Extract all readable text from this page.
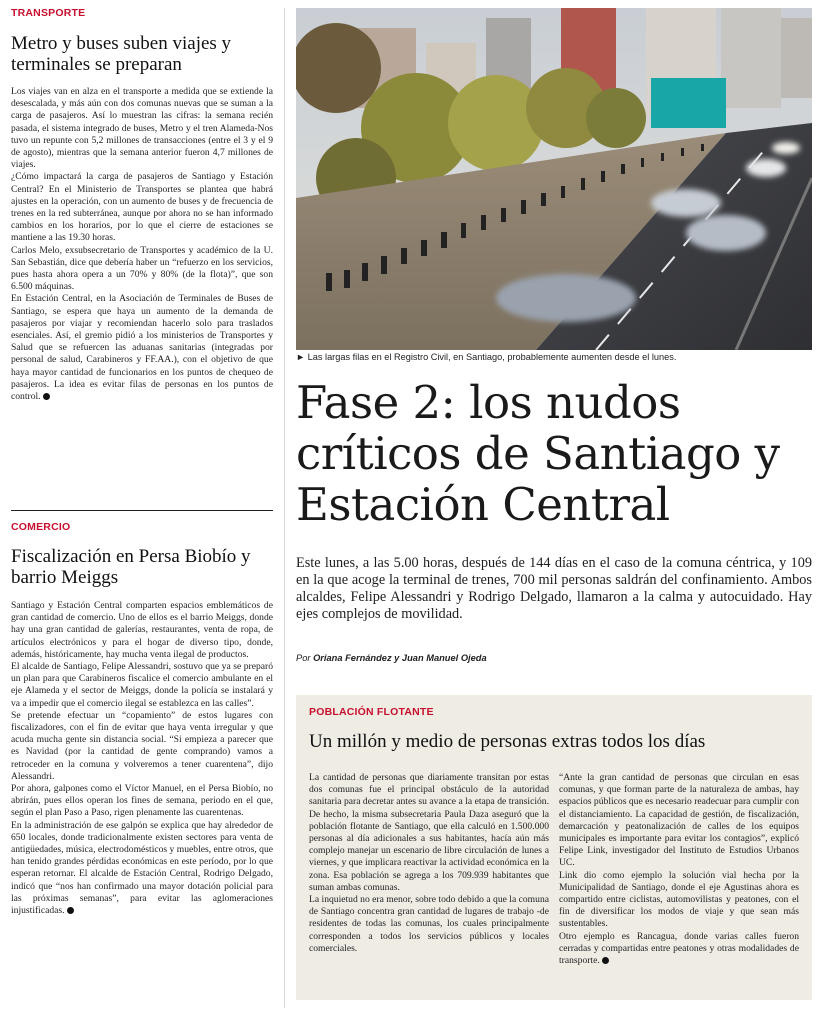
TRANSPORTE
Metro y buses suben viajes y terminales se preparan

Los viajes van en alza en el transporte a medida que se extiende la desescalada, y más aún con dos comunas nuevas que se suman a la carga de pasajeros. Así lo muestran las cifras: la semana recién pasada, el sistema integrado de buses, Metro y el tren Alameda-Nos tuvo un repunte con 5,2 millones de transacciones (entre el 3 y el 9 de agosto), mientras que la semana anterior fueron 4,7 millones de viajes.

¿Cómo impactará la carga de pasajeros de Santiago y Estación Central? En el Ministerio de Transportes se plantea que habrá ajustes en la operación, con un aumento de buses y de frecuencia de trenes en la red subterránea, aunque por ahora no se han informado cambios en los horarios, por lo que el cierre de estaciones se mantiene a las 19.30 horas.

Carlos Melo, exsubsecretario de Transportes y académico de la U. San Sebastián, dice que debería haber un “refuerzo en los servicios, pues hasta ahora opera a un 70% y 80% (de la flota)”, que son 6.500 máquinas.

En Estación Central, en la Asociación de Terminales de Buses de Santiago, se espera que haya un aumento de la demanda de pasajeros por viajar y recomiendan hacerlo solo para traslados esenciales. Así, el gremio pidió a los ministerios de Transportes y Salud que se refuercen las aduanas sanitarias (integradas por personal de salud, Carabineros y FF.AA.), con el objetivo de que haya mayor cantidad de funcionarios en los puntos de chequeo de pasajeros. La idea es evitar filas de personas en los puntos de control.

COMERCIO
Fiscalización en Persa Biobío y barrio Meiggs

Santiago y Estación Central comparten espacios emblemáticos de gran cantidad de comercio. Uno de ellos es el barrio Meiggs, donde hay una gran cantidad de galerías, restaurantes, venta de ropa, de artículos electrónicos y para el hogar de diverso tipo, donde, además, históricamente, hay mucha venta ilegal de productos.

El alcalde de Santiago, Felipe Alessandri, sostuvo que ya se preparó un plan para que Carabineros fiscalice el comercio ambulante en el eje Alameda y el sector de Meiggs, donde la policía se instalará y va a impedir que el comercio ilegal se establezca en las calles”.

Se pretende efectuar un “copamiento” de estos lugares con fiscalizadores, con el fin de evitar que haya venta irregular y que acuda mucha gente sin distancia social. “Si empieza a parecer que es Navidad (por la cantidad de gente comprando) vamos a retroceder en la comuna y volveremos a tener cuarentena”, dijo Alessandri.

Por ahora, galpones como el Víctor Manuel, en el Persa Biobío, no abrirán, pues ellos operan los fines de semana, periodo en el que, según el plan Paso a Paso, rigen plenamente las cuarentenas.

En la administración de ese galpón se explica que hay alrededor de 650 locales, donde tradicionalmente existen sectores para venta de antigüedades, música, electrodomésticos y muebles, entre otros, que han tenido grandes pérdidas económicas en este período, por lo que esperan retornar. El alcalde de Estación Central, Rodrigo Delgado, indicó que “nos han confirmado una mayor dotación policial para las próximas semanas”, para evitar las aglomeraciones injustificadas.

► Las largas filas en el Registro Civil, en Santiago, probablemente aumenten desde el lunes.
Fase 2: los nudos críticos de Santiago y Estación Central

Este lunes, a las 5.00 horas, después de 144 días en el caso de la comuna céntrica, y 109 en la que acoge la terminal de trenes, 700 mil personas saldrán del confinamiento. Ambos alcaldes, Felipe Alessandri y Rodrigo Delgado, llamaron a la calma y autocuidado. Hay ejes complejos de movilidad.

Por Oriana Fernández y Juan Manuel Ojeda
POBLACIÓN FLOTANTE
Un millón y medio de personas extras todos los días

La cantidad de personas que diariamente transitan por estas dos comunas fue el principal obstáculo de la autoridad sanitaria para decretar antes su avance a la etapa de transición. De hecho, la misma subsecretaria Paula Daza aseguró que la población flotante de Santiago, que ella calculó en 1.500.000 personas al día adicionales a sus habitantes, hacía aún más complejo manejar un escenario de libre circulación de lunes a viernes, y que implicara reactivar la actividad económica en la zona. Esa población se agrega a los 709.939 habitantes que suman ambas comunas.

La inquietud no era menor, sobre todo debido a que la comuna de Santiago concentra gran cantidad de lugares de trabajo -de residentes de todas las comunas, los cuales principalmente corresponden a todos los servicios públicos y locales comerciales.

“Ante la gran cantidad de personas que circulan en esas comunas, y que forman parte de la naturaleza de ambas, hay espacios públicos que es necesario readecuar para cumplir con el distanciamiento. La capacidad de gestión, de fiscalización, demarcación y peatonalización de calles de los equipos municipales es importante para evitar los contagios”, explicó Felipe Link, investigador del Instituto de Estudios Urbanos UC.

Link dio como ejemplo la solución vial hecha por la Municipalidad de Santiago, donde el eje Agustinas ahora es compartido entre ciclistas, automovilistas y peatones, con el fin de diversificar los modos de viaje y que sean más sustentables.

Otro ejemplo es Rancagua, donde varias calles fueron cerradas y compartidas entre peatones y otras modalidades de transporte.
